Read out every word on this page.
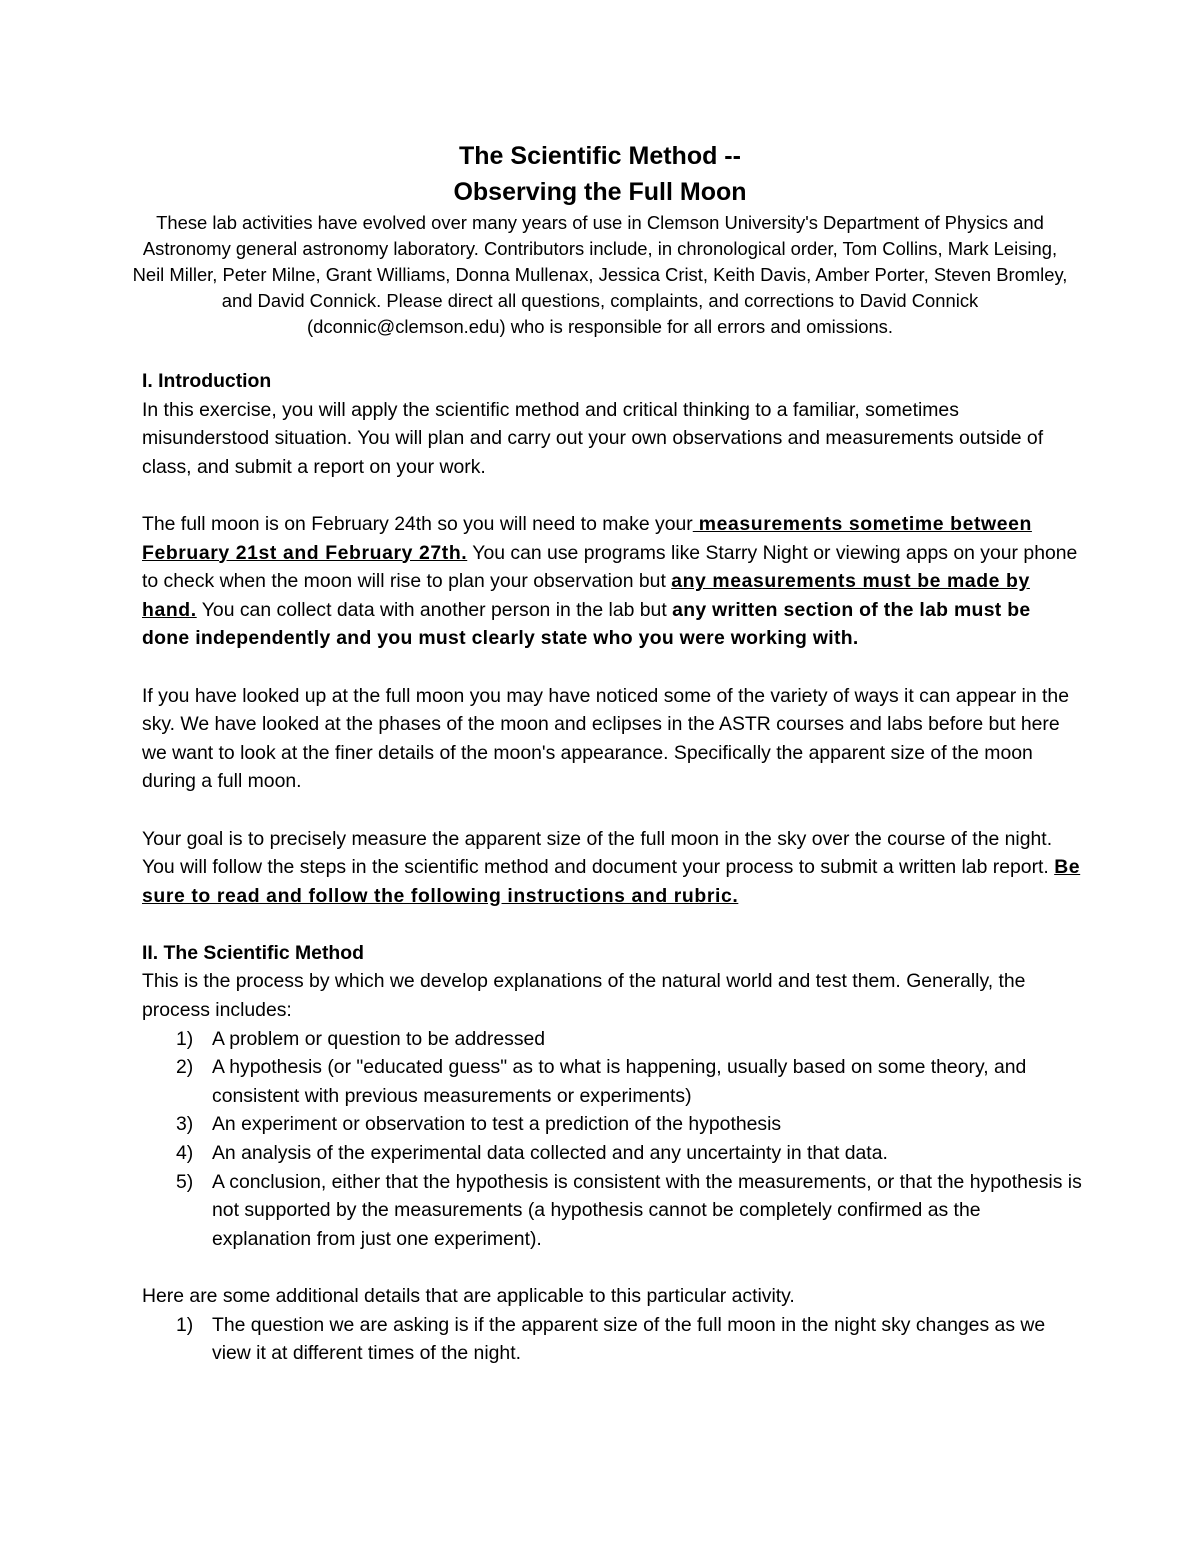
The Scientific Method --
Observing the Full Moon

These lab activities have evolved over many years of use in Clemson University's Department of Physics and Astronomy general astronomy laboratory. Contributors include, in chronological order, Tom Collins, Mark Leising, Neil Miller, Peter Milne, Grant Williams, Donna Mullenax, Jessica Crist, Keith Davis, Amber Porter, Steven Bromley, and David Connick. Please direct all questions, complaints, and corrections to David Connick (dconnic@clemson.edu) who is responsible for all errors and omissions.

I. Introduction

In this exercise, you will apply the scientific method and critical thinking to a familiar, sometimes misunderstood situation. You will plan and carry out your own observations and measurements outside of class, and submit a report on your work.

The full moon is on February 24th so you will need to make your measurements sometime between February 21st and February 27th. You can use programs like Starry Night or viewing apps on your phone to check when the moon will rise to plan your observation but any measurements must be made by hand. You can collect data with another person in the lab but any written section of the lab must be done independently and you must clearly state who you were working with.

If you have looked up at the full moon you may have noticed some of the variety of ways it can appear in the sky. We have looked at the phases of the moon and eclipses in the ASTR courses and labs before but here we want to look at the finer details of the moon's appearance. Specifically the apparent size of the moon during a full moon.

Your goal is to precisely measure the apparent size of the full moon in the sky over the course of the night. You will follow the steps in the scientific method and document your process to submit a written lab report. Be sure to read and follow the following instructions and rubric.

II. The Scientific Method

This is the process by which we develop explanations of the natural world and test them. Generally, the process includes:

1) A problem or question to be addressed
2) A hypothesis (or "educated guess" as to what is happening, usually based on some theory, and consistent with previous measurements or experiments)
3) An experiment or observation to test a prediction of the hypothesis
4) An analysis of the experimental data collected and any uncertainty in that data.
5) A conclusion, either that the hypothesis is consistent with the measurements, or that the hypothesis is not supported by the measurements (a hypothesis cannot be completely confirmed as the explanation from just one experiment).

Here are some additional details that are applicable to this particular activity.

1) The question we are asking is if the apparent size of the full moon in the night sky changes as we view it at different times of the night.
